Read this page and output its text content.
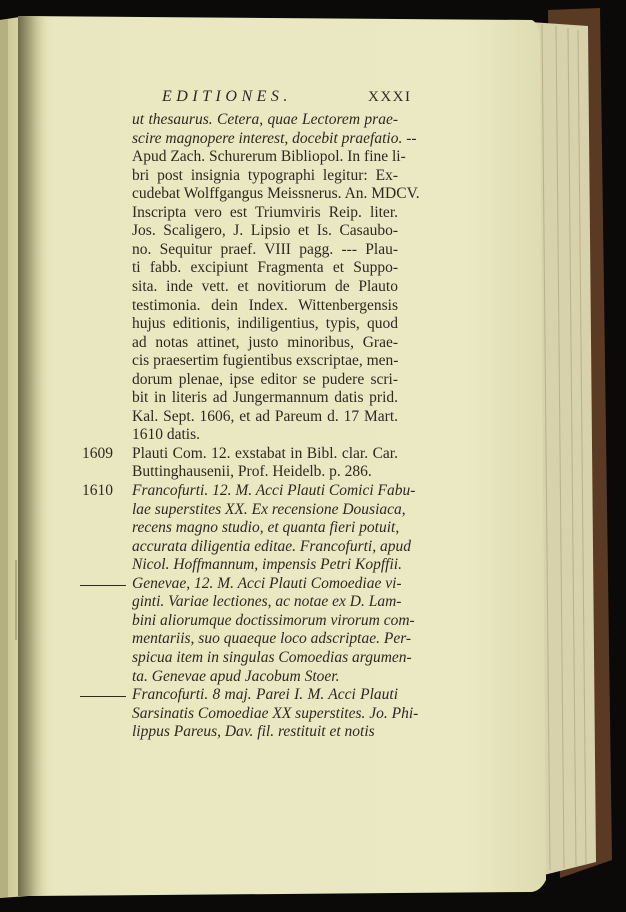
EDITIONES.	XXXI
ut thesaurus. Cetera, quae Lectorem prae-
scire magnopere interest, docebit praefatio. --
Apud Zach. Schurerum Bibliopol. In fine li-
bri post insignia typographi legitur: Ex-
cudebat Wolffgangus Meissnerus. An. MDCV.
Inscripta vero est Triumviris Reip. liter.
Jos. Scaligero, J. Lipsio et Is. Casaubo-
no. Sequitur praef. VIII pagg. --- Plau-
ti fabb. excipiunt Fragmenta et Suppo-
sita. inde vett. et novitiorum de Plauto
testimonia. dein Index. Wittenbergensis
hujus editionis, indiligentius, typis, quod
ad notas attinet, justo minoribus, Grae-
cis praesertim fugientibus exscriptae, men-
dorum plenae, ipse editor se pudere scri-
bit in literis ad Jungermannum datis prid.
Kal. Sept. 1606, et ad Pareum d. 17 Mart.
1610 datis.
Plauti Com. 12. exstabat in Bibl. clar. Car.
Buttinghausenii, Prof. Heidelb. p. 286.
Francofurti. 12. M. Acci Plauti Comici Fabu-
lae superstites XX. Ex recensione Dousiaca,
recens magno studio, et quanta fieri potuit,
accurata diligentia editae. Francofurti, apud
Nicol. Hoffmannum, impensis Petri Kopffii.
Genevae, 12. M. Acci Plauti Comoediae vi-
ginti. Variae lectiones, ac notae ex D. Lam-
bini aliorumque doctissimorum virorum com-
mentariis, suo quaeque loco adscriptae. Per-
spicua item in singulas Comoedias argumen-
ta. Genevae apud Jacobum Stoer.
Francofurti. 8 maj. Parei I. M. Acci Plauti
Sarsinatis Comoediae XX superstites. Jo. Phi-
lippus Pareus, Dav. fil. restituit et notis
1609
1610
